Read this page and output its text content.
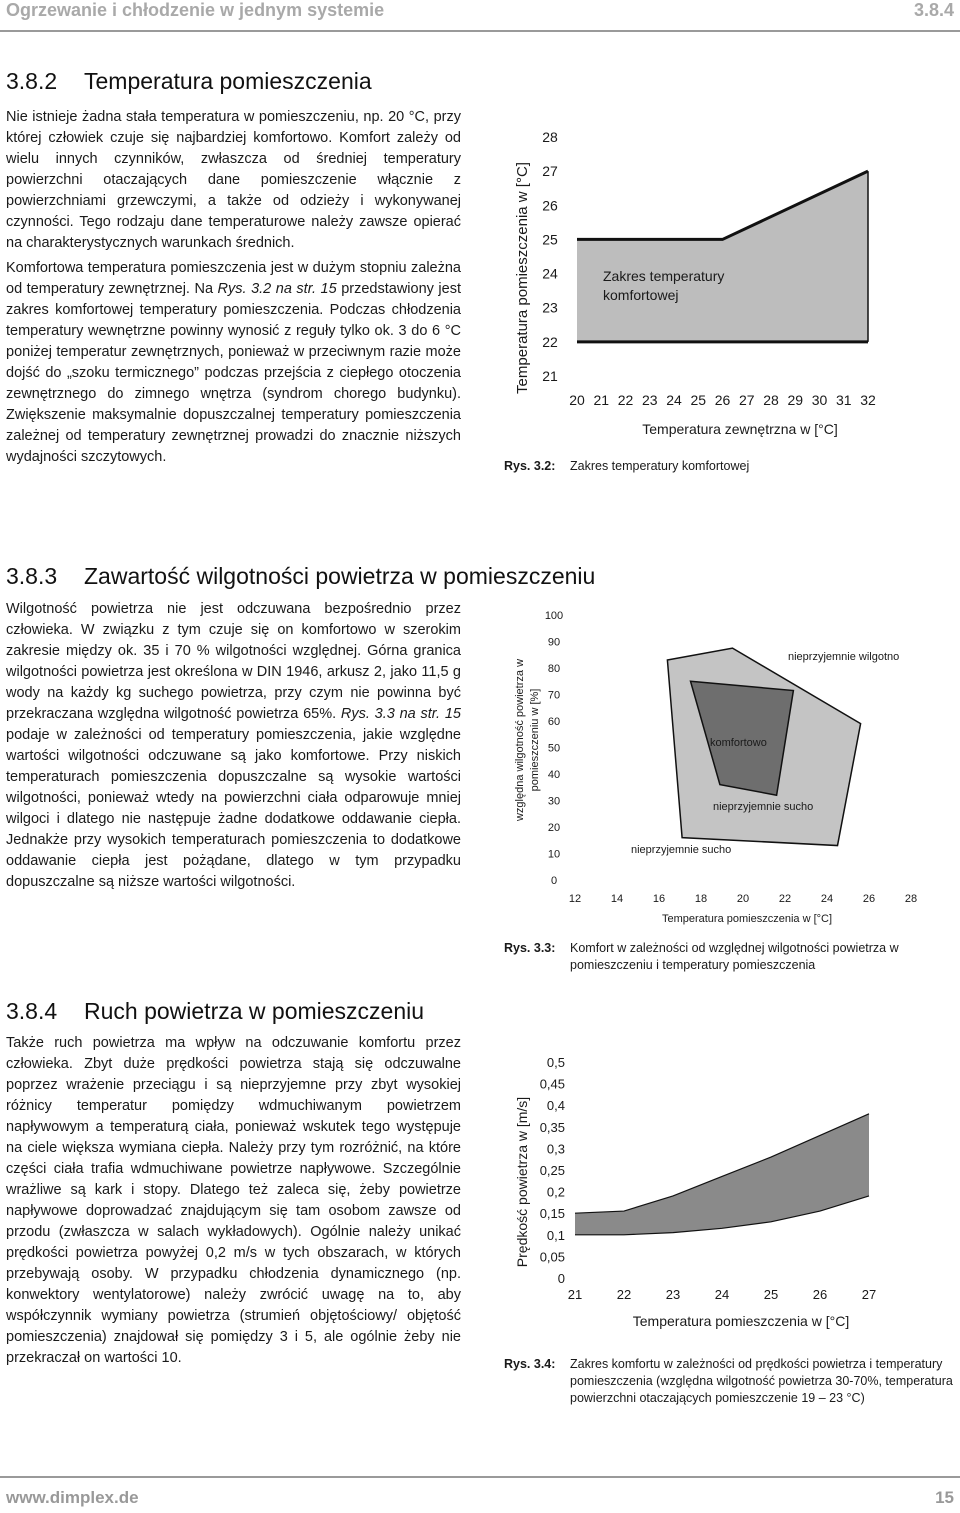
Ogrzewanie i chłodzenie w jednym systemie	3.8.4
3.8.2 Temperatura pomieszczenia

Nie istnieje żadna stała temperatura w pomieszczeniu, np. 20 °C, przy której człowiek czuje się najbardziej komfortowo. Komfort zależy od wielu innych czynników, zwłaszcza od średniej temperatury powierzchni otaczających dane pomieszczenie włącznie z powierzchniami grzewczymi, a także od odzieży i wykonywanej czynności. Tego rodzaju dane temperaturowe należy zawsze opierać na charakterystycznych warunkach średnich.

Komfortowa temperatura pomieszczenia jest w dużym stopniu zależna od temperatury zewnętrznej. Na Rys. 3.2 na str. 15 przedstawiony jest zakres komfortowej temperatury pomieszczenia. Podczas chłodzenia temperatury wewnętrzne powinny wynosić z reguły tylko ok. 3 do 6 °C poniżej temperatur zewnętrznych, ponieważ w przeciwnym razie może dojść do „szoku termicznego” podczas przejścia z ciepłego otoczenia zewnętrznego do zimnego wnętrza (syndrom chorego budynku). Zwiększenie maksymalnie dopuszczalnej temperatury pomieszczenia zależnej od temperatury zewnętrznej prowadzi do znacznie niższych wydajności szczytowych.

28
27
26
25
24
23
22
21
20 21 22 23 24 25 26 27 28 29 30 31 32
Temperatura zewnętrzna w [°C]
Zakres temperatury
komfortowej
Temperatura pomieszczenia w [°C]
Rys. 3.2: Zakres temperatury komfortowej
3.8.3 Zawartość wilgotności powietrza w pomieszczeniu

Wilgotność powietrza nie jest odczuwana bezpośrednio przez człowieka. W związku z tym czuje się on komfortowo w szerokim zakresie między ok. 35 i 70 % wilgotności względnej. Górna granica wilgotności powietrza jest określona w DIN 1946, arkusz 2, jako 11,5 g wody na każdy kg suchego powietrza, przy czym nie powinna być przekraczana względna wilgotność powietrza 65%. Rys. 3.3 na str. 15 podaje w zależności od temperatury pomieszczenia, jakie względne wartości wilgotności odczuwane są jako komfortowe. Przy niskich temperaturach pomieszczenia dopuszczalne są wysokie wartości wilgotności, ponieważ wtedy na powierzchni ciała odparowuje mniej wilgoci i dlatego nie następuje żadne dodatkowe oddawanie ciepła. Jednakże przy wysokich temperaturach pomieszczenia to dodatkowe oddawanie ciepła jest pożądane, dlatego w tym przypadku dopuszczalne są niższe wartości wilgotności.

100
90
80
70
60
50
40
30
20
10
0
12	14	16	18	20	22	24	26	28
względna wilgotność powietrza w pomieszczeniu w [%]
Temperatura pomieszczenia w [°C]
nieprzyjemnie wilgotno
komfortowo
nieprzyjemnie sucho
nieprzyjemnie sucho
Rys. 3.3: Komfort w zależności od względnej wilgotności powietrza w pomieszczeniu i temperatury pomieszczenia
3.8.4 Ruch powietrza w pomieszczeniu

Także ruch powietrza ma wpływ na odczuwanie komfortu przez człowieka. Zbyt duże prędkości powietrza stają się odczuwalne poprzez wrażenie przeciągu i są nieprzyjemne przy zbyt wysokiej różnicy temperatur pomiędzy wdmuchiwanym powietrzem napływowym a temperaturą ciała, ponieważ wskutek tego występuje na ciele większa wymiana ciepła. Należy przy tym rozróżnić, na które części ciała trafia wdmuchiwane powietrze napływowe. Szczególnie wrażliwe są kark i stopy. Dlatego też zaleca się, żeby powietrze napływowe doprowadzać znajdującym się tam osobom zawsze od przodu (zwłaszcza w salach wykładowych). Ogólnie należy unikać prędkości powietrza powyżej 0,2 m/s w tych obszarach, w których przebywają osoby. W przypadku chłodzenia dynamicznego (np. konwektory wentylatorowe) należy zwrócić uwagę na to, aby współczynnik wymiany powietrza (strumień objętościowy/ objętość pomieszczenia) znajdował się pomiędzy 3 i 5, ale ogólnie żeby nie przekraczał on wartości 10.

0,5
0,45
0,4
0,35
0,3
0,25
0,2
0,15
0,1
0,05
0
21	22	23	24	25	26	27
Prędkość powietrza w [m/s]
Temperatura pomieszczenia w [°C]
Rys. 3.4: Zakres komfortu w zależności od prędkości powietrza i temperatury pomieszczenia (względna wilgotność powietrza 30-70%, temperatura powierzchni otaczających pomieszczenie 19 – 23 °C)
www.dimplex.de	15
